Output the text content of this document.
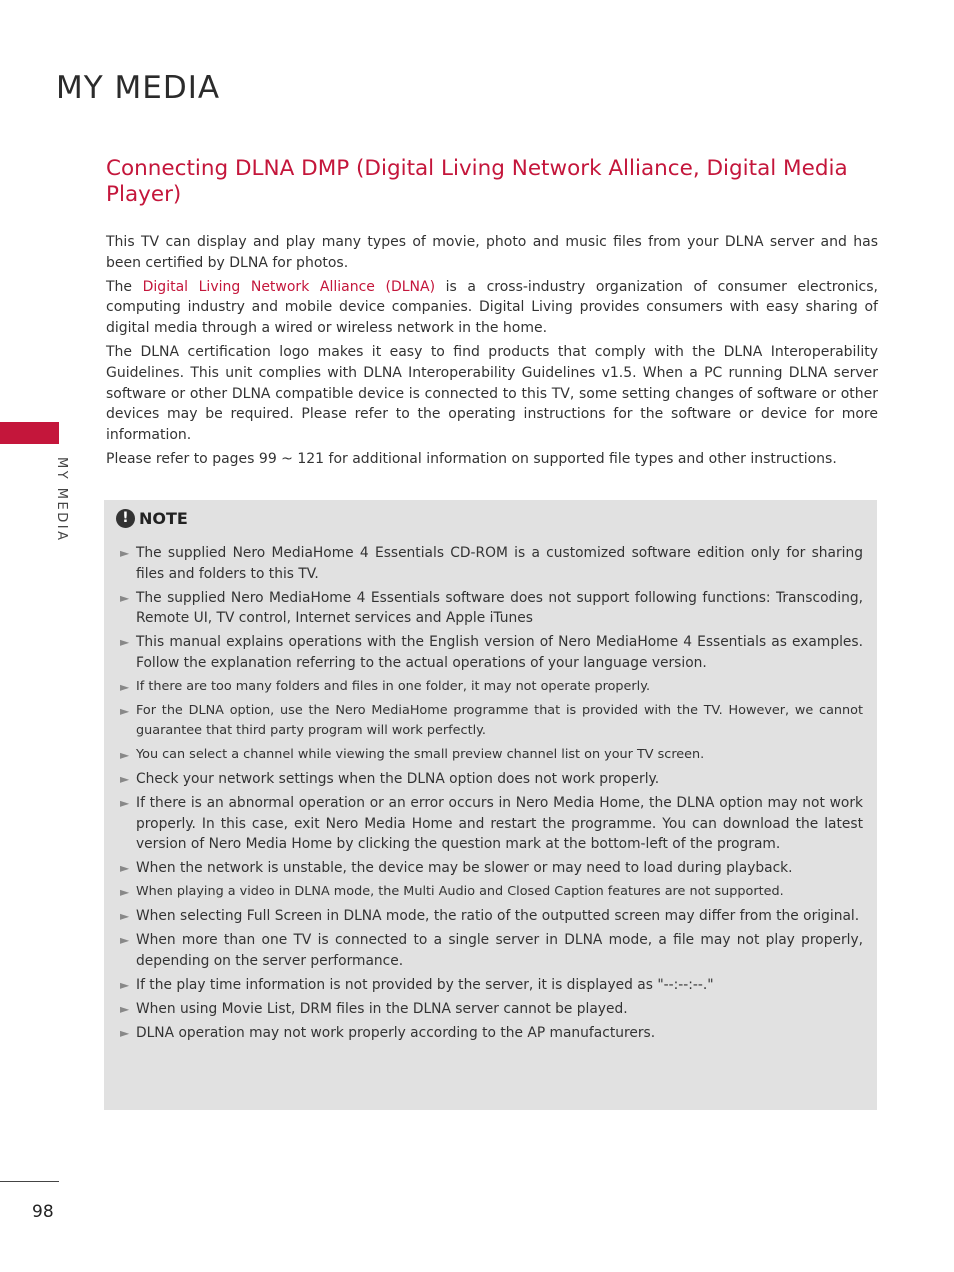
MY MEDIA
MY MEDIA
Connecting DLNA DMP (Digital Living Network Alliance, Digital Media Player)

This TV can display and play many types of movie, photo and music files from your DLNA server and has been certified by DLNA for photos.

The Digital Living Network Alliance (DLNA) is a cross-industry organization of consumer electronics, computing industry and mobile device companies. Digital Living provides consumers with easy sharing of digital media through a wired or wireless network in the home.

The DLNA certification logo makes it easy to find products that comply with the DLNA Interoperability Guidelines. This unit complies with DLNA Interoperability Guidelines v1.5. When a PC running DLNA server software or other DLNA compatible device is connected to this TV, some setting changes of software or other devices may be required. Please refer to the operating instructions for the software or device for more information.

Please refer to pages 99 ~ 121 for additional information on supported file types and other instructions.

! NOTE
► The supplied Nero MediaHome 4 Essentials CD-ROM is a customized software edition only for sharing files and folders to this TV.
► The supplied Nero MediaHome 4 Essentials software does not support following functions: Transcoding, Remote UI, TV control, Internet services and Apple iTunes
► This manual explains operations with the English version of Nero MediaHome 4 Essentials as examples. Follow the explanation referring to the actual operations of your language version.
► If there are too many folders and files in one folder, it may not operate properly.
► For the DLNA option, use the Nero MediaHome programme that is provided with the TV. However, we cannot guarantee that third party program will work perfectly.
► You can select a channel while viewing the small preview channel list on your TV screen.
► Check your network settings when the DLNA option does not work properly.
► If there is an abnormal operation or an error occurs in Nero Media Home, the DLNA option may not work properly. In this case, exit Nero Media Home and restart the programme. You can download the latest version of Nero Media Home by clicking the question mark at the bottom-left of the program.
► When the network is unstable, the device may be slower or may need to load during playback.
► When playing a video in DLNA mode, the Multi Audio and Closed Caption features are not supported.
► When selecting Full Screen in DLNA mode, the ratio of the outputted screen may differ from the original.
► When more than one TV is connected to a single server in DLNA mode, a file may not play properly, depending on the server performance.
► If the play time information is not provided by the server, it is displayed as "--:--:--."
► When using Movie List, DRM files in the DLNA server cannot be played.
► DLNA operation may not work properly according to the AP manufacturers.
98
